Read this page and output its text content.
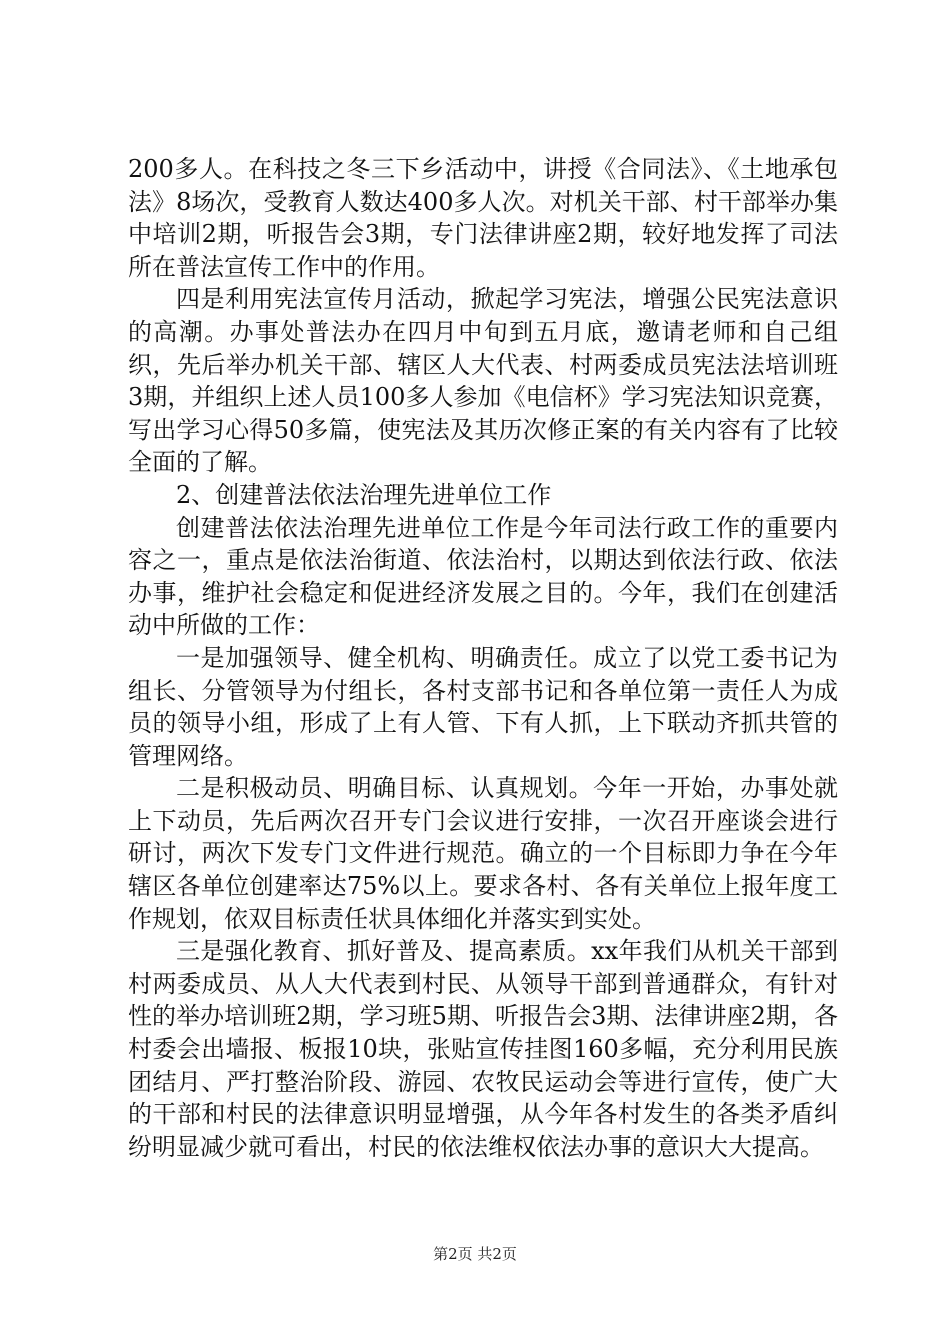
200多人。在科技之冬三下乡活动中，讲授《合同法》、《土地承包法》8场次，受教育人数达400多人次。对机关干部、村干部举办集中培训2期，听报告会3期，专门法律讲座2期，较好地发挥了司法所在普法宣传工作中的作用。

四是利用宪法宣传月活动，掀起学习宪法，增强公民宪法意识的高潮。办事处普法办在四月中旬到五月底，邀请老师和自己组织，先后举办机关干部、辖区人大代表、村两委成员宪法法培训班3期，并组织上述人员100多人参加《电信杯》学习宪法知识竞赛，写出学习心得50多篇，使宪法及其历次修正案的有关内容有了比较全面的了解。

2、创建普法依法治理先进单位工作

创建普法依法治理先进单位工作是今年司法行政工作的重要内容之一，重点是依法治街道、依法治村，以期达到依法行政、依法办事，维护社会稳定和促进经济发展之目的。今年，我们在创建活动中所做的工作：

一是加强领导、健全机构、明确责任。成立了以党工委书记为组长、分管领导为付组长，各村支部书记和各单位第一责任人为成员的领导小组，形成了上有人管、下有人抓，上下联动齐抓共管的管理网络。

二是积极动员、明确目标、认真规划。今年一开始，办事处就上下动员，先后两次召开专门会议进行安排，一次召开座谈会进行研讨，两次下发专门文件进行规范。确立的一个目标即力争在今年辖区各单位创建率达75%以上。要求各村、各有关单位上报年度工作规划，依双目标责任状具体细化并落实到实处。

三是强化教育、抓好普及、提高素质。xx年我们从机关干部到村两委成员、从人大代表到村民、从领导干部到普通群众，有针对性的举办培训班2期，学习班5期、听报告会3期、法律讲座2期，各村委会出墙报、板报10块，张贴宣传挂图160多幅，充分利用民族团结月、严打整治阶段、游园、农牧民运动会等进行宣传，使广大的干部和村民的法律意识明显增强，从今年各村发生的各类矛盾纠纷明显减少就可看出，村民的依法维权依法办事的意识大大提高。

第2页 共2页
